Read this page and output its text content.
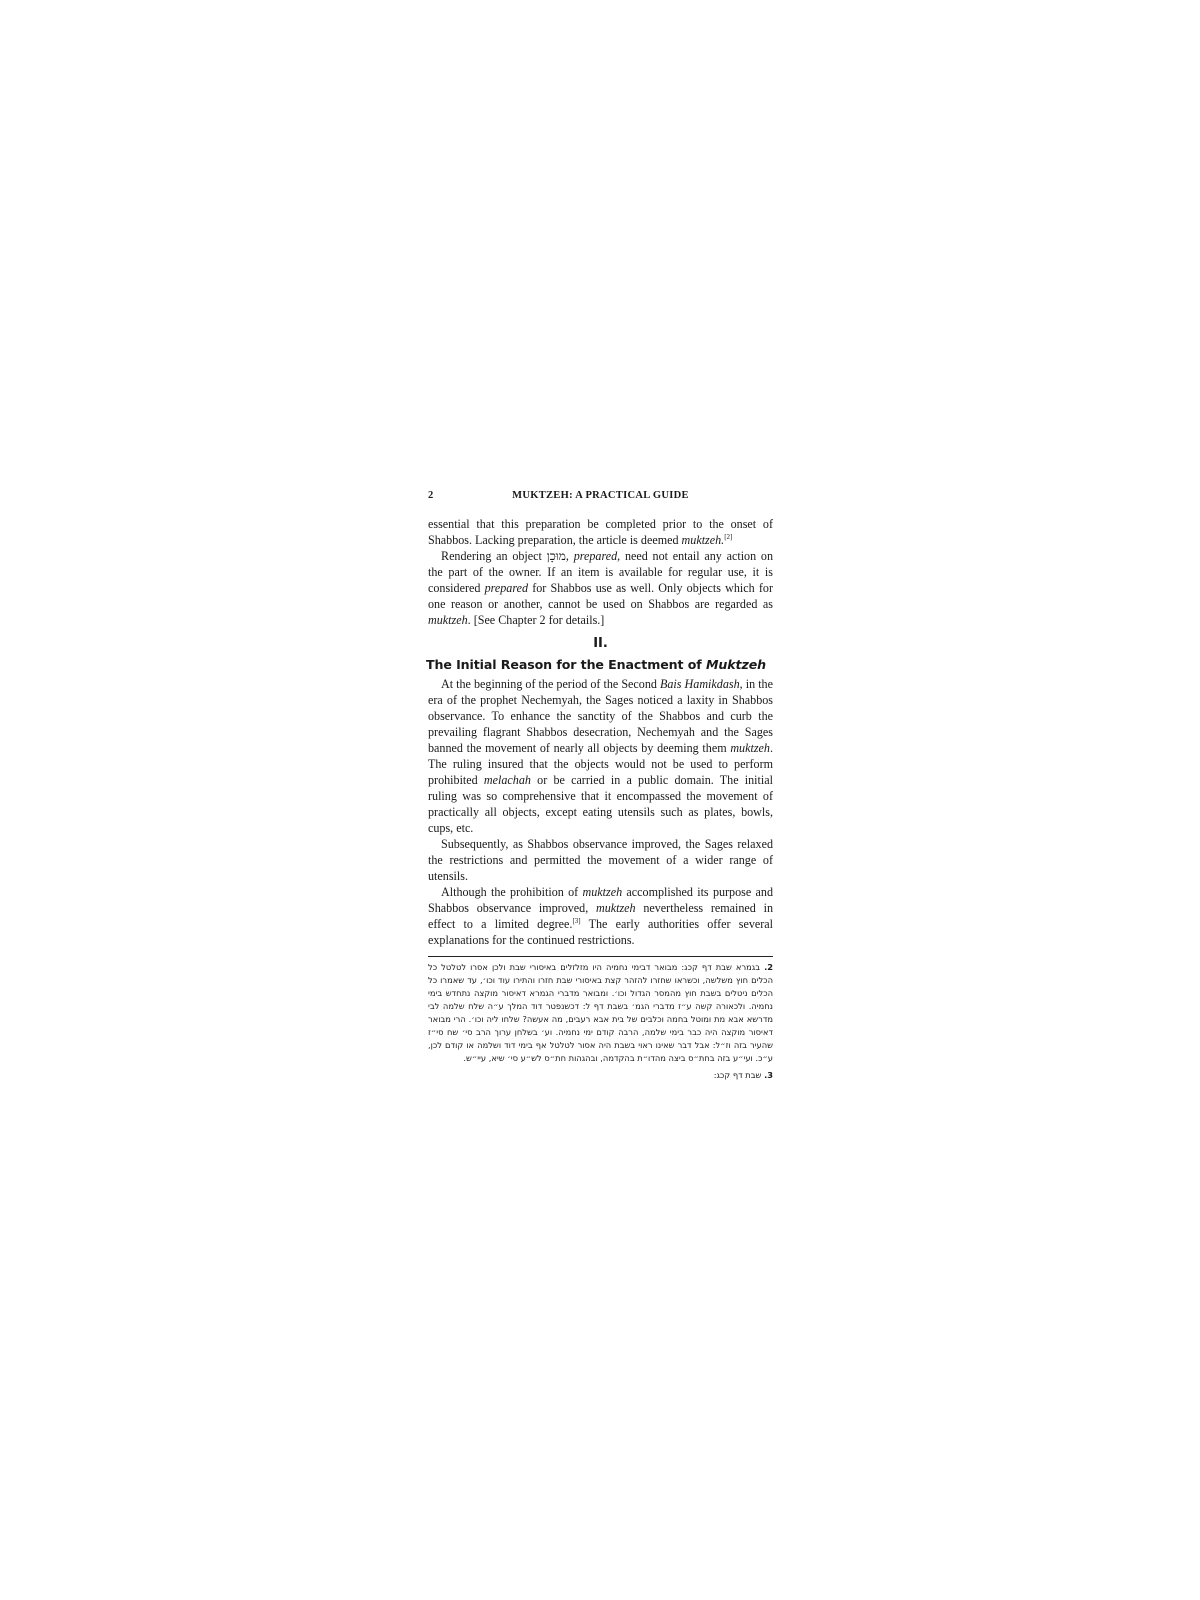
2	MUKTZEH: A PRACTICAL GUIDE

essential that this preparation be completed prior to the onset of Shabbos. Lacking preparation, the article is deemed muktzeh.[2]

Rendering an object מוּכָן, prepared, need not entail any action on the part of the owner. If an item is available for regular use, it is considered prepared for Shabbos use as well. Only objects which for one reason or another, cannot be used on Shabbos are regarded as muktzeh. [See Chapter 2 for details.]

II.
The Initial Reason for the Enactment of Muktzeh

At the beginning of the period of the Second Bais Hamikdash, in the era of the prophet Nechemyah, the Sages noticed a laxity in Shabbos observance. To enhance the sanctity of the Shabbos and curb the prevailing flagrant Shabbos desecration, Nechemyah and the Sages banned the movement of nearly all objects by deeming them muktzeh. The ruling insured that the objects would not be used to perform prohibited melachah or be carried in a public domain. The initial ruling was so comprehensive that it encompassed the movement of practically all objects, except eating utensils such as plates, bowls, cups, etc.

Subsequently, as Shabbos observance improved, the Sages relaxed the restrictions and permitted the movement of a wider range of utensils.

Although the prohibition of muktzeh accomplished its purpose and Shabbos observance improved, muktzeh nevertheless remained in effect to a limited degree.[3] The early authorities offer several explanations for the continued restrictions.

2. בגמרא שבת דף קכג: מבואר דבימי נחמיה היו מזלזלים באיסורי שבת ולכן אסרו לטלטל כל הכלים חוץ משלשה, וכשראו שחזרו להזהר קצת באיסורי שבת חזרו והתירו עוד וכו׳, עד שאמרו כל הכלים ניטלים בשבת חוץ מהמסר הגדול וכו׳. ומבואר מדברי הגמרא דאיסור מוקצה נתחדש בימי נחמיה. ולכאורה קשה ע״ז מדברי הגמ׳ בשבת דף ל: דכשנפטר דוד המלך ע״ה שלח שלמה לבי מדרשא אבא מת ומוטל בחמה וכלבים של בית אבא רעבים, מה אעשה? שלחו ליה וכו׳. הרי מבואר דאיסור מוקצה היה כבר בימי שלמה, הרבה קודם ימי נחמיה. וע׳ בשלחן ערוך הרב סי׳ שח סי״ז שהעיר בזה וז״ל: אבל דבר שאינו ראוי בשבת היה אסור לטלטל אף בימי דוד ושלמה או קודם לכן, ע״כ. ועי״ע בזה בחת״ס ביצה מהדו״ת בהקדמה, ובהגהות חת״ס לש״ע סי׳ שיא, עיי״ש.

3. שבת דף קכג:
